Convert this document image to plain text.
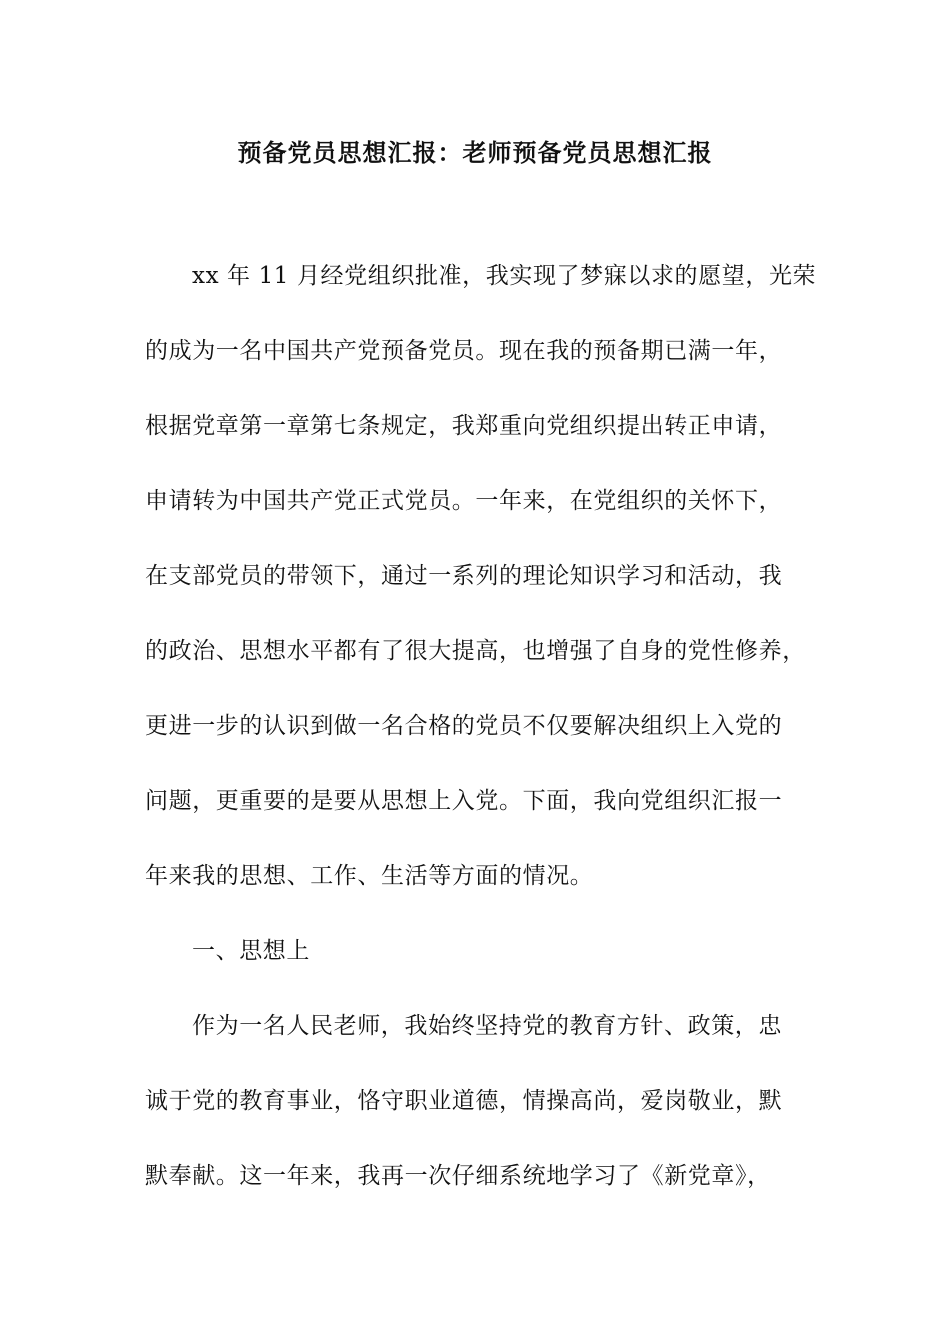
预备党员思想汇报：老师预备党员思想汇报
xx 年 11 月经党组织批准，我实现了梦寐以求的愿望，光荣
的成为一名中国共产党预备党员。现在我的预备期已满一年，
根据党章第一章第七条规定，我郑重向党组织提出转正申请，
申请转为中国共产党正式党员。一年来，在党组织的关怀下，
在支部党员的带领下，通过一系列的理论知识学习和活动，我
的政治、思想水平都有了很大提高，也增强了自身的党性修养，
更进一步的认识到做一名合格的党员不仅要解决组织上入党的
问题，更重要的是要从思想上入党。下面，我向党组织汇报一
年来我的思想、工作、生活等方面的情况。
一、思想上
作为一名人民老师，我始终坚持党的教育方针、政策，忠
诚于党的教育事业，恪守职业道德，情操高尚，爱岗敬业，默
默奉献。这一年来，我再一次仔细系统地学习了《新党章》，
